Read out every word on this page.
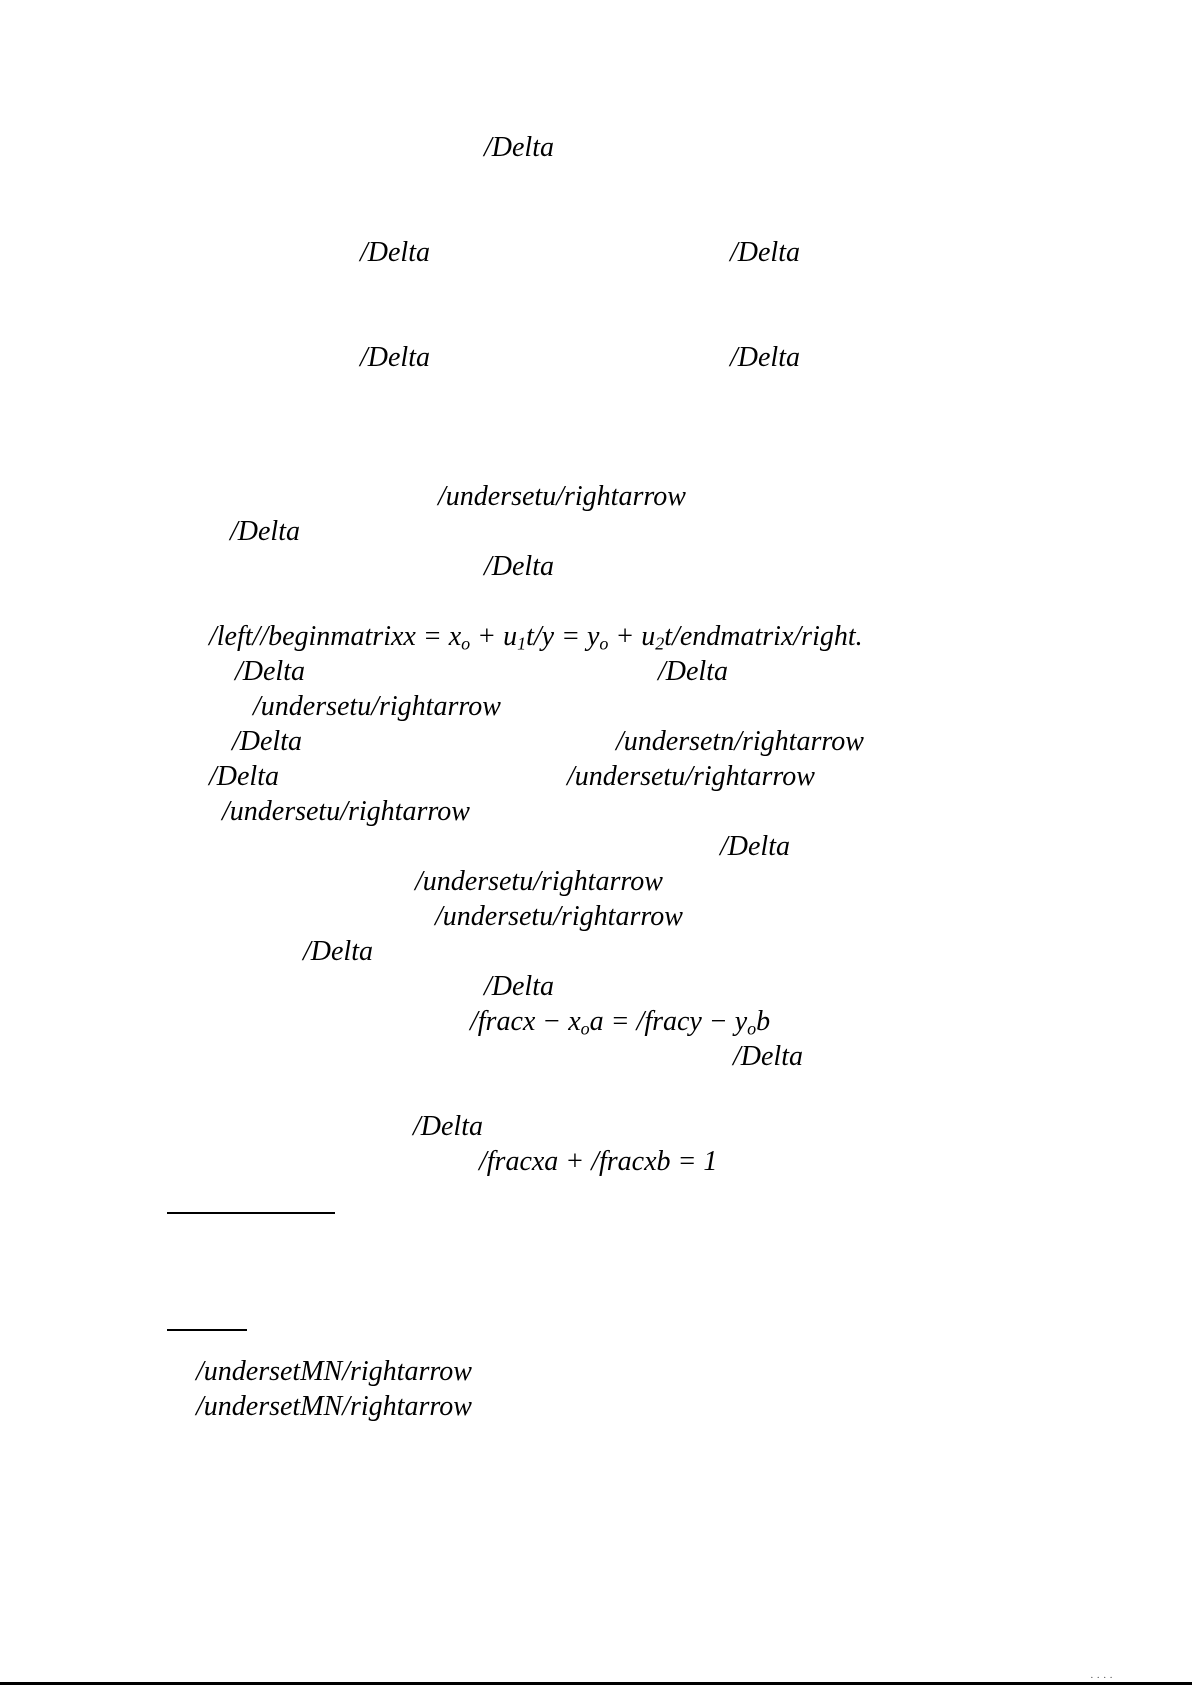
/Delta
/Delta	/Delta
/Delta	/Delta
/undersetu/rightarrow
/Delta
/Delta
/left//beginmatrixx = $x_o + u_1t/y = y_o$ + $u_2t/endmatrix$/right.
/Delta	/Delta
/undersetu/rightarrow
/Delta	/undersetn/rightarrow
/Delta	/undersetu/rightarrow
/undersetu/rightarrow
/Delta
/undersetu/rightarrow
/undersetu/rightarrow
/Delta
/Delta
/fracx − $x_oa$ = /fracy − $y_ob$
/Delta
/Delta
/fracxa + /fracxb = 1
/undersetMN/rightarrow
/undersetMN/rightarrow
· · · ·
